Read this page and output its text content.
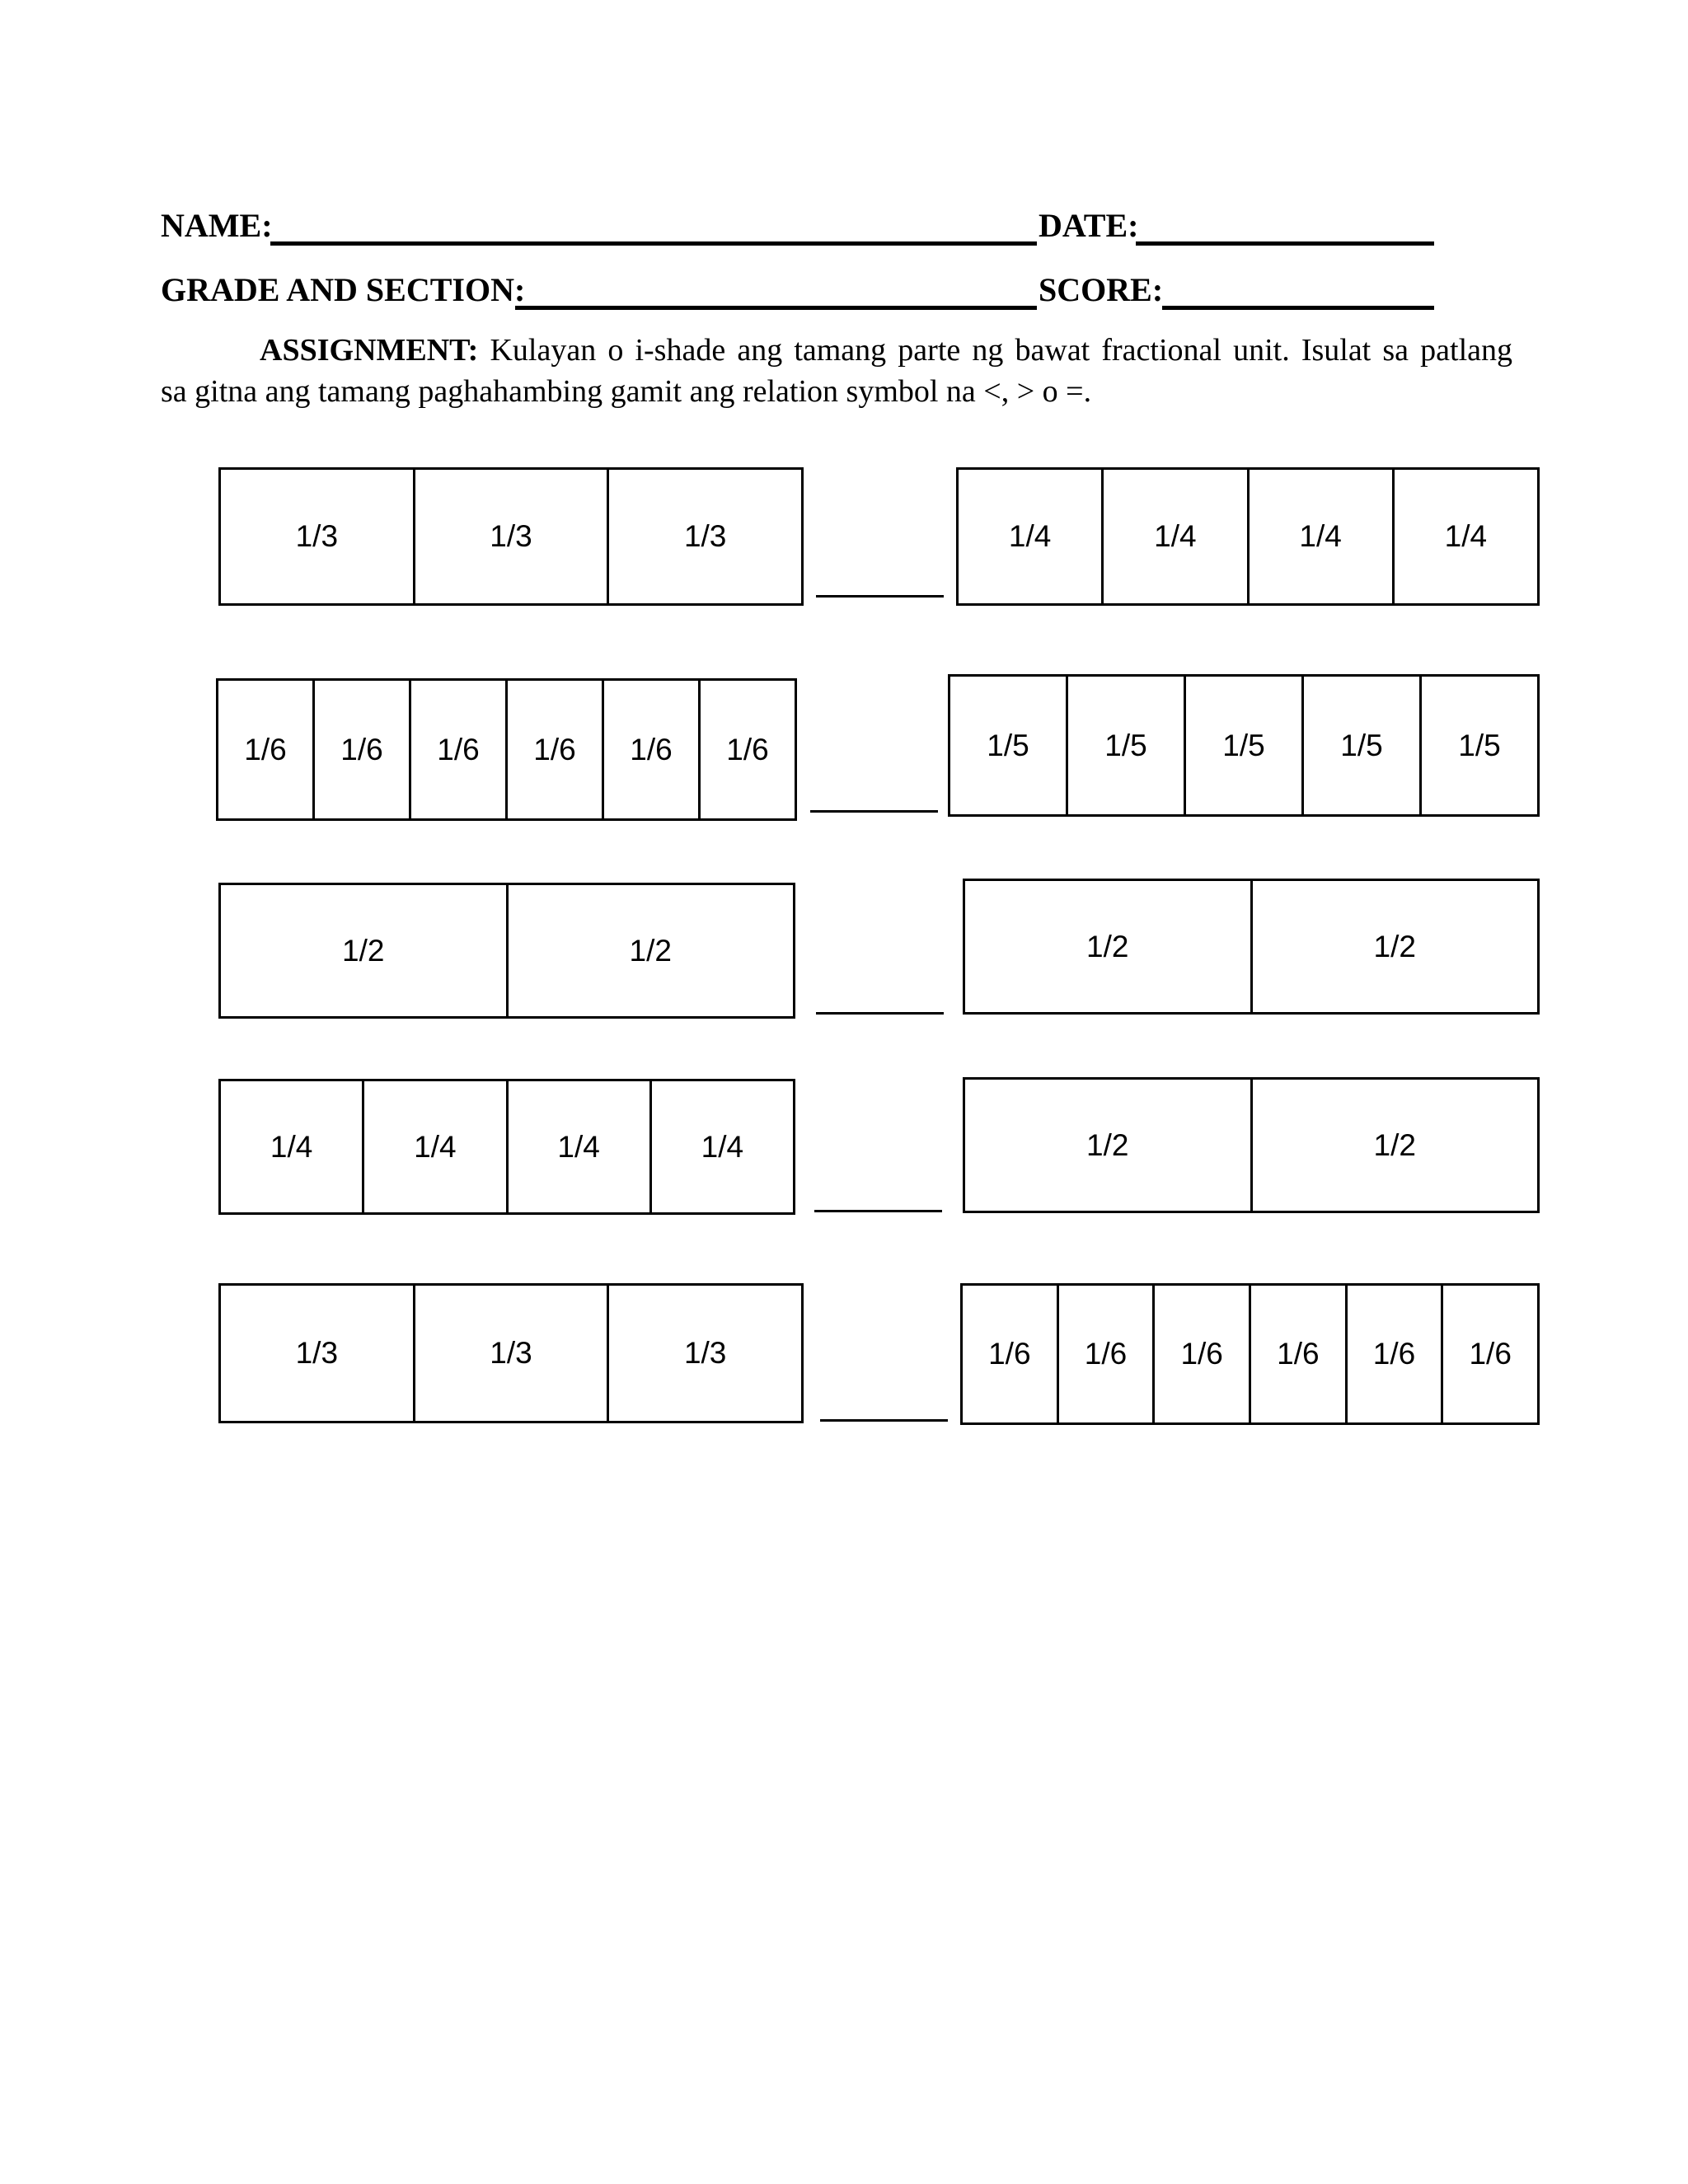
NAME:	DATE:
GRADE AND SECTION:	SCORE:
ASSIGNMENT: Kulayan o i-shade ang tamang parte ng bawat fractional unit. Isulat sa patlang
sa gitna ang tamang paghahambing gamit ang relation symbol na <, > o =.
1/3	1/3	1/3	1/4	1/4	1/4	1/4
1/6	1/6	1/6	1/6	1/6	1/6	1/5	1/5	1/5	1/5	1/5
1/2	1/2	1/2	1/2
1/4	1/4	1/4	1/4	1/2	1/2
1/3	1/3	1/3	1/6	1/6	1/6	1/6	1/6	1/6
